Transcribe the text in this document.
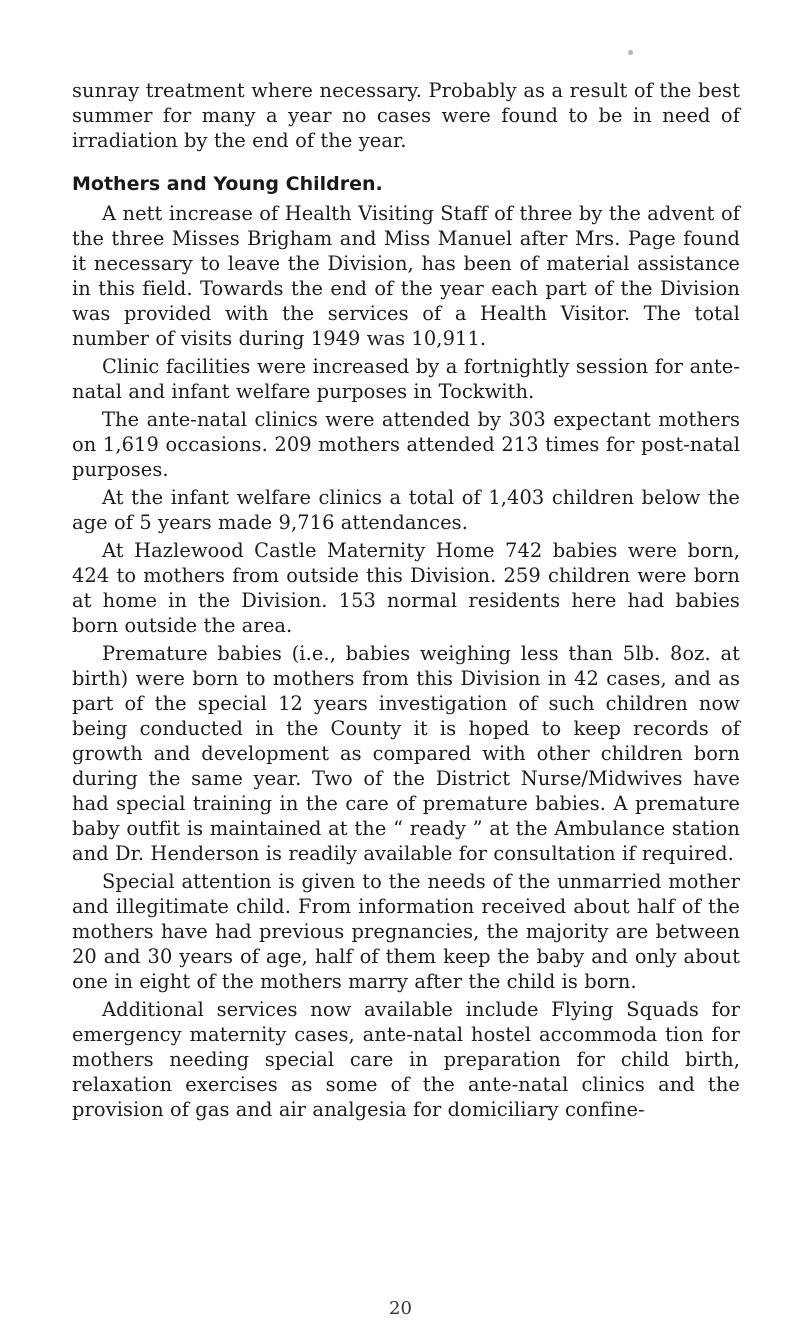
sunray treatment where necessary. Probably as a result of the best summer for many a year no cases were found to be in need of irradiation by the end of the year.

Mothers and Young Children.

A nett increase of Health Visiting Staff of three by the advent of the three Misses Brigham and Miss Manuel after Mrs. Page found it necessary to leave the Division, has been of material assistance in this field. Towards the end of the year each part of the Division was provided with the services of a Health Visitor. The total number of visits during 1949 was 10,911.

Clinic facilities were increased by a fortnightly session for ante-natal and infant welfare purposes in Tockwith.

The ante-natal clinics were attended by 303 expectant mothers on 1,619 occasions. 209 mothers attended 213 times for post-natal purposes.

At the infant welfare clinics a total of 1,403 children below the age of 5 years made 9,716 attendances.

At Hazlewood Castle Maternity Home 742 babies were born, 424 to mothers from outside this Division. 259 children were born at home in the Division. 153 normal residents here had babies born outside the area.

Premature babies (i.e., babies weighing less than 5lb. 8oz. at birth) were born to mothers from this Division in 42 cases, and as part of the special 12 years investigation of such children now being conducted in the County it is hoped to keep records of growth and development as compared with other children born during the same year. Two of the District Nurse/Midwives have had special training in the care of premature babies. A premature baby outfit is maintained at the “ ready ” at the Ambulance station and Dr. Henderson is readily available for consultation if required.

Special attention is given to the needs of the unmarried mother and illegitimate child. From information received about half of the mothers have had previous pregnancies, the majority are between 20 and 30 years of age, half of them keep the baby and only about one in eight of the mothers marry after the child is born.

Additional services now available include Flying Squads for emergency maternity cases, ante-natal hostel accommoda tion for mothers needing special care in preparation for child birth, relaxation exercises as some of the ante-natal clinics and the provision of gas and air analgesia for domiciliary confine-

20
